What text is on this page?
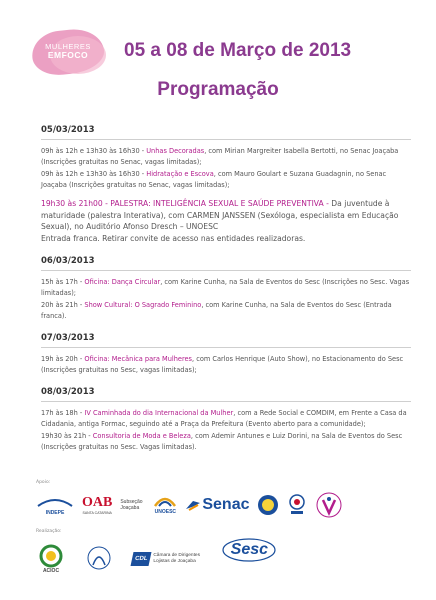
MULHERES
EMFOCO	05 a 08 de Março de 2013
Programação
05/03/2013
09h às 12h e 13h30 às 16h30 - Unhas Decoradas, com Mirian Margreiter Isabella Bertotti, no Senac Joaçaba (Inscrições gratuitas no Senac, vagas limitadas);
09h às 12h e 13h30 às 16h30 - Hidratação e Escova, com Mauro Goulart e Suzana Guadagnin, no Senac Joaçaba (Inscrições gratuitas no Senac, vagas limitadas);
19h30 às 21h00 - PALESTRA: INTELIGÊNCIA SEXUAL E SAÚDE PREVENTIVA - Da juventude à maturidade (palestra Interativa), com CARMEN JANSSEN (Sexóloga, especialista em Educação Sexual), no Auditório Afonso Dresch – UNOESC
Entrada franca. Retirar convite de acesso nas entidades realizadoras.
06/03/2013
15h às 17h - Oficina: Dança Circular, com Karine Cunha, na Sala de Eventos do Sesc (Inscrições no Sesc. Vagas limitadas);
20h às 21h - Show Cultural: O Sagrado Feminino, com Karine Cunha, na Sala de Eventos do Sesc (Entrada franca).
07/03/2013
19h às 20h - Oficina: Mecânica para Mulheres, com Carlos Henrique (Auto Show), no Estacionamento do Sesc (Inscrições gratuitas no Sesc, vagas limitadas);
08/03/2013
17h às 18h - IV Caminhada do dia Internacional da Mulher, com a Rede Social e COMDIM, em Frente a Casa da Cidadania, antiga Formac, seguindo até a Praça da Prefeitura (Evento aberto para a comunidade);
19h30 às 21h - Consultoria de Moda e Beleza, com Ademir Antunes e Luiz Dorini, na Sala de Eventos do Sesc (Inscrições gratuitas no Sesc. Vagas limitadas).
Apoio:
INDEPE
OAB
SANTA CATARINA
Subseção Joaçaba
UNOESC Senac
Realização:
ACIOC
CDL
Câmara de Dirigentes Lojistas de Joaçaba
Sesc
